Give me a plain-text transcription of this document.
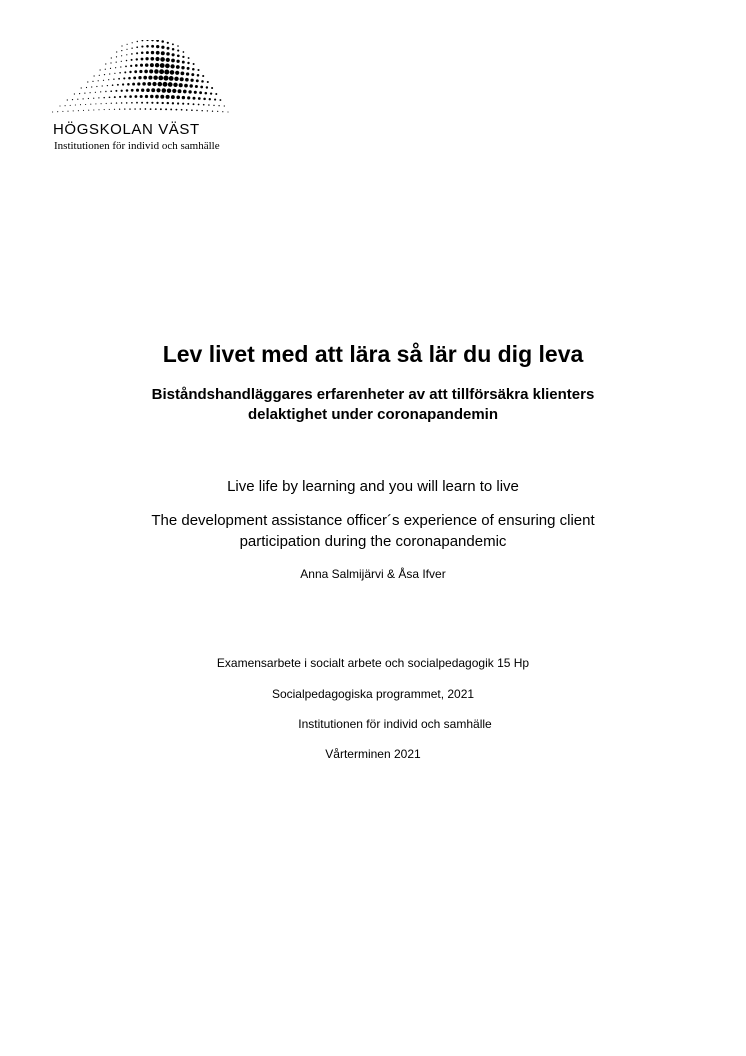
HÖGSKOLAN VÄST
Institutionen för individ och samhälle
Lev livet med att lära så lär du dig leva
Biståndshandläggares erfarenheter av att tillförsäkra klienters
delaktighet under coronapandemin
Live life by learning and you will learn to live
The development assistance officer´s experience of ensuring client
participation during the coronapandemic
Anna Salmijärvi & Åsa Ifver
Examensarbete i socialt arbete och socialpedagogik 15 Hp
Socialpedagogiska programmet, 2021
Institutionen för individ och samhälle
Vårterminen 2021
